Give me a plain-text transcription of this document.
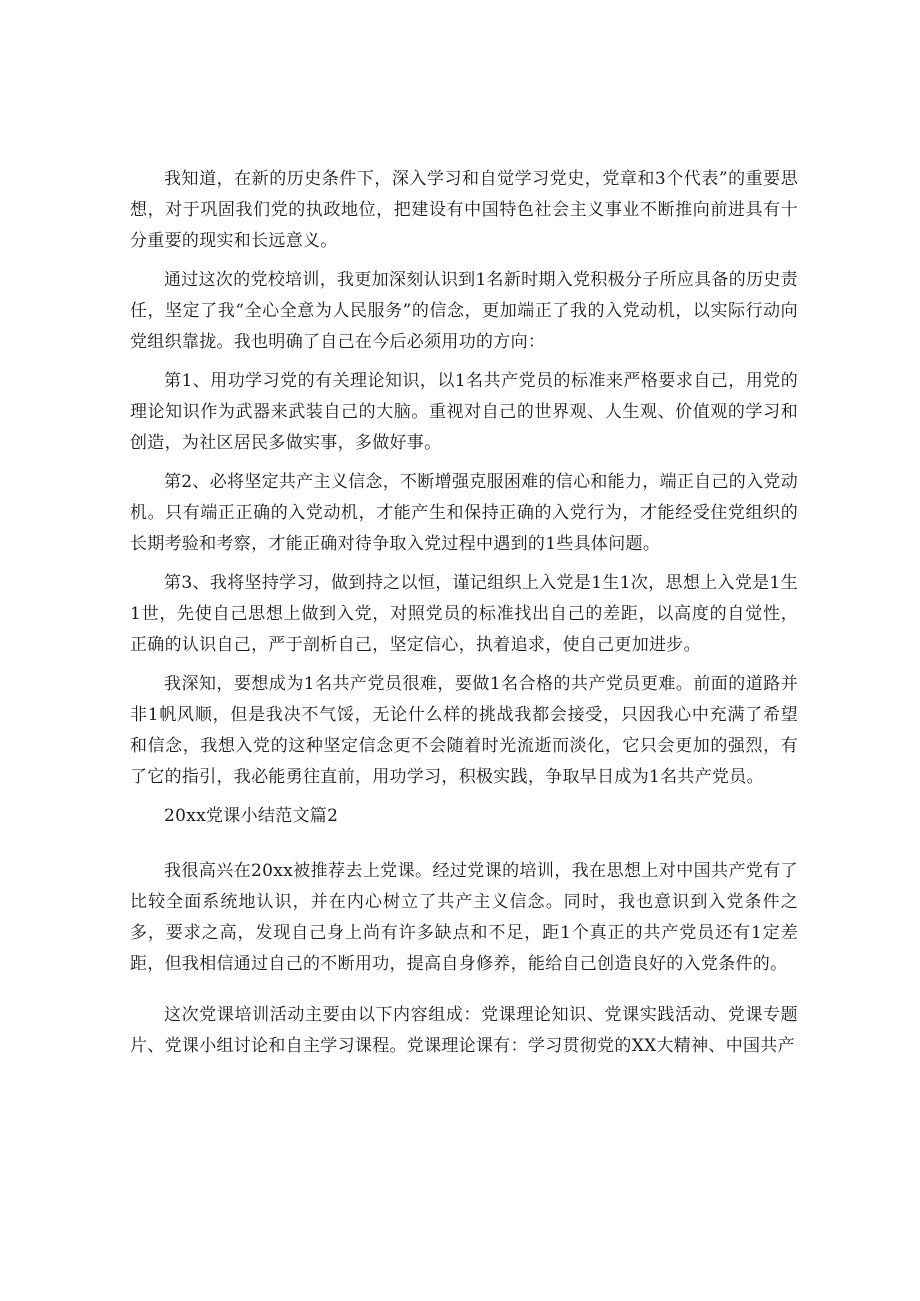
我知道，在新的历史条件下，深入学习和自觉学习党史，党章和3个代表”的重要思想，对于巩固我们党的执政地位，把建设有中国特色社会主义事业不断推向前进具有十分重要的现实和长远意义。

通过这次的党校培训，我更加深刻认识到1名新时期入党积极分子所应具备的历史责任，坚定了我“全心全意为人民服务”的信念，更加端正了我的入党动机，以实际行动向党组织靠拢。我也明确了自己在今后必须用功的方向：

第1、用功学习党的有关理论知识，以1名共产党员的标准来严格要求自己，用党的理论知识作为武器来武装自己的大脑。重视对自己的世界观、人生观、价值观的学习和创造，为社区居民多做实事，多做好事。

第2、必将坚定共产主义信念，不断增强克服困难的信心和能力，端正自己的入党动机。只有端正正确的入党动机，才能产生和保持正确的入党行为，才能经受住党组织的长期考验和考察，才能正确对待争取入党过程中遇到的1些具体问题。

第3、我将坚持学习，做到持之以恒，谨记组织上入党是1生1次，思想上入党是1生1世，先使自己思想上做到入党，对照党员的标准找出自己的差距，以高度的自觉性，正确的认识自己，严于剖析自己，坚定信心，执着追求，使自己更加进步。

我深知，要想成为1名共产党员很难，要做1名合格的共产党员更难。前面的道路并非1帆风顺，但是我决不气馁，无论什么样的挑战我都会接受，只因我心中充满了希望和信念，我想入党的这种坚定信念更不会随着时光流逝而淡化，它只会更加的强烈，有了它的指引，我必能勇往直前，用功学习，积极实践，争取早日成为1名共产党员。

20xx党课小结范文篇2

我很高兴在20xx被推荐去上党课。经过党课的培训，我在思想上对中国共产党有了比较全面系统地认识，并在内心树立了共产主义信念。同时，我也意识到入党条件之多，要求之高，发现自己身上尚有许多缺点和不足，距1个真正的共产党员还有1定差距，但我相信通过自己的不断用功，提高自身修养，能给自己创造良好的入党条件的。

这次党课培训活动主要由以下内容组成：党课理论知识、党课实践活动、党课专题片、党课小组讨论和自主学习课程。党课理论课有：学习贯彻党的XX大精神、中国共产
